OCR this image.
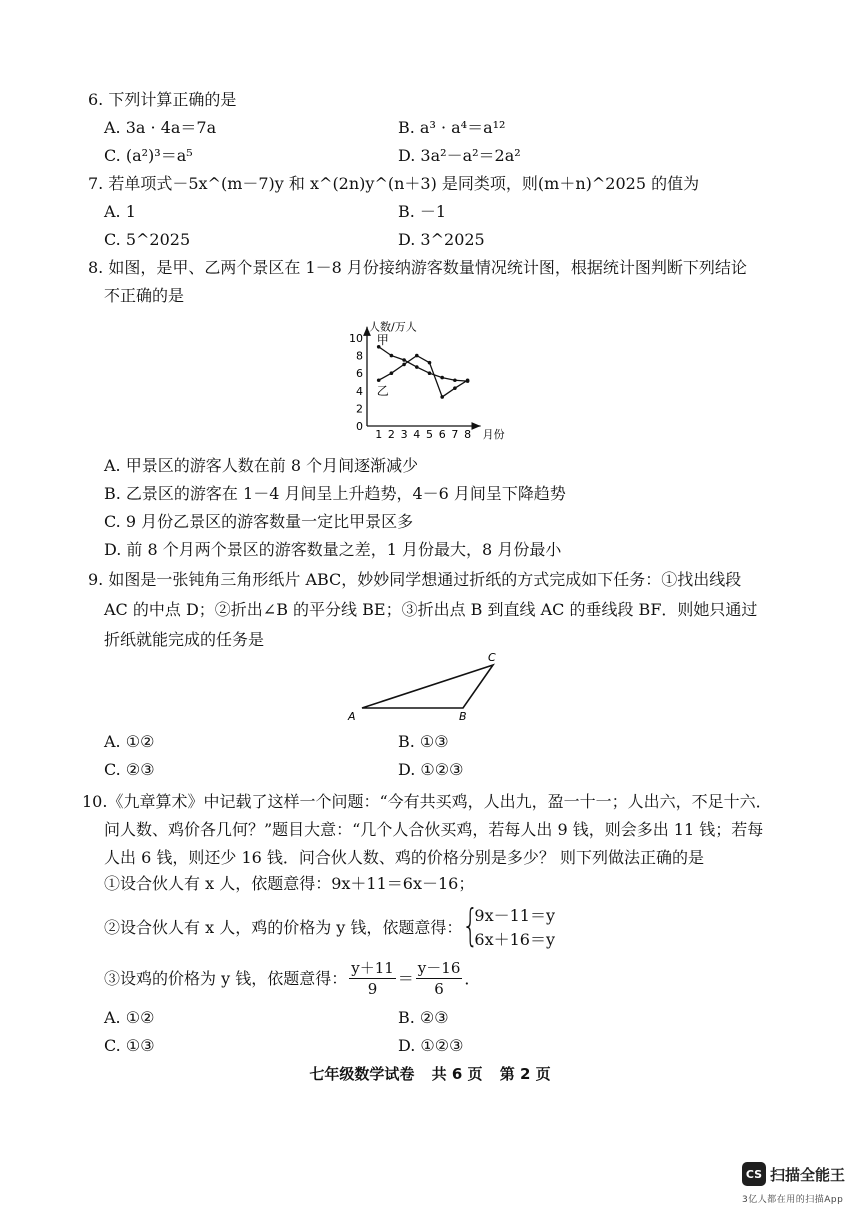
6. 下列计算正确的是
A. 3a · 4a＝7a	B. a³ · a⁴＝a¹²
C. (a²)³＝a⁵	D. 3a²－a²＝2a²
7. 若单项式－5x^(m－7)y 和 x^(2n)y^(n＋3) 是同类项，则(m＋n)^2025 的值为
A. 1	B. －1
C. 5^2025	D. 3^2025
8. 如图，是甲、乙两个景区在 1－8 月份接纳游客数量情况统计图，根据统计图判断下列结论
不正确的是
人数/万人
月份
0
2
4
6
8
10
1 2 3 4 5 6 7 8
甲
乙
A. 甲景区的游客人数在前 8 个月间逐渐减少
B. 乙景区的游客在 1－4 月间呈上升趋势，4－6 月间呈下降趋势
C. 9 月份乙景区的游客数量一定比甲景区多
D. 前 8 个月两个景区的游客数量之差，1 月份最大，8 月份最小
9. 如图是一张钝角三角形纸片 ABC，妙妙同学想通过折纸的方式完成如下任务：①找出线段
AC 的中点 D；②折出∠B 的平分线 BE；③折出点 B 到直线 AC 的垂线段 BF．则她只通过
折纸就能完成的任务是
A	B
C
A. ①②	B. ①③
C. ②③	D. ①②③
10.《九章算术》中记载了这样一个问题：“今有共买鸡，人出九，盈一十一；人出六，不足十六．
问人数、鸡价各几何？”题目大意：“几个人合伙买鸡，若每人出 9 钱，则会多出 11 钱；若每
人出 6 钱，则还少 16 钱．问合伙人数、鸡的价格分别是多少？ 则下列做法正确的是
①设合伙人有 x 人，依题意得：9x＋11＝6x－16；
②设合伙人有 x 人，鸡的价格为 y 钱，依题意得： {
9x－11＝y
6x＋16＝y
③设鸡的价格为 y 钱，依题意得： $\frac{y+11}{9} = \frac{y-16}{6}$ ．
A. ①②	B. ②③
C. ①③	D. ①②③
七年级数学试卷 共 6 页 第 2 页
CS 扫描全能王
3亿人都在用的扫描App
